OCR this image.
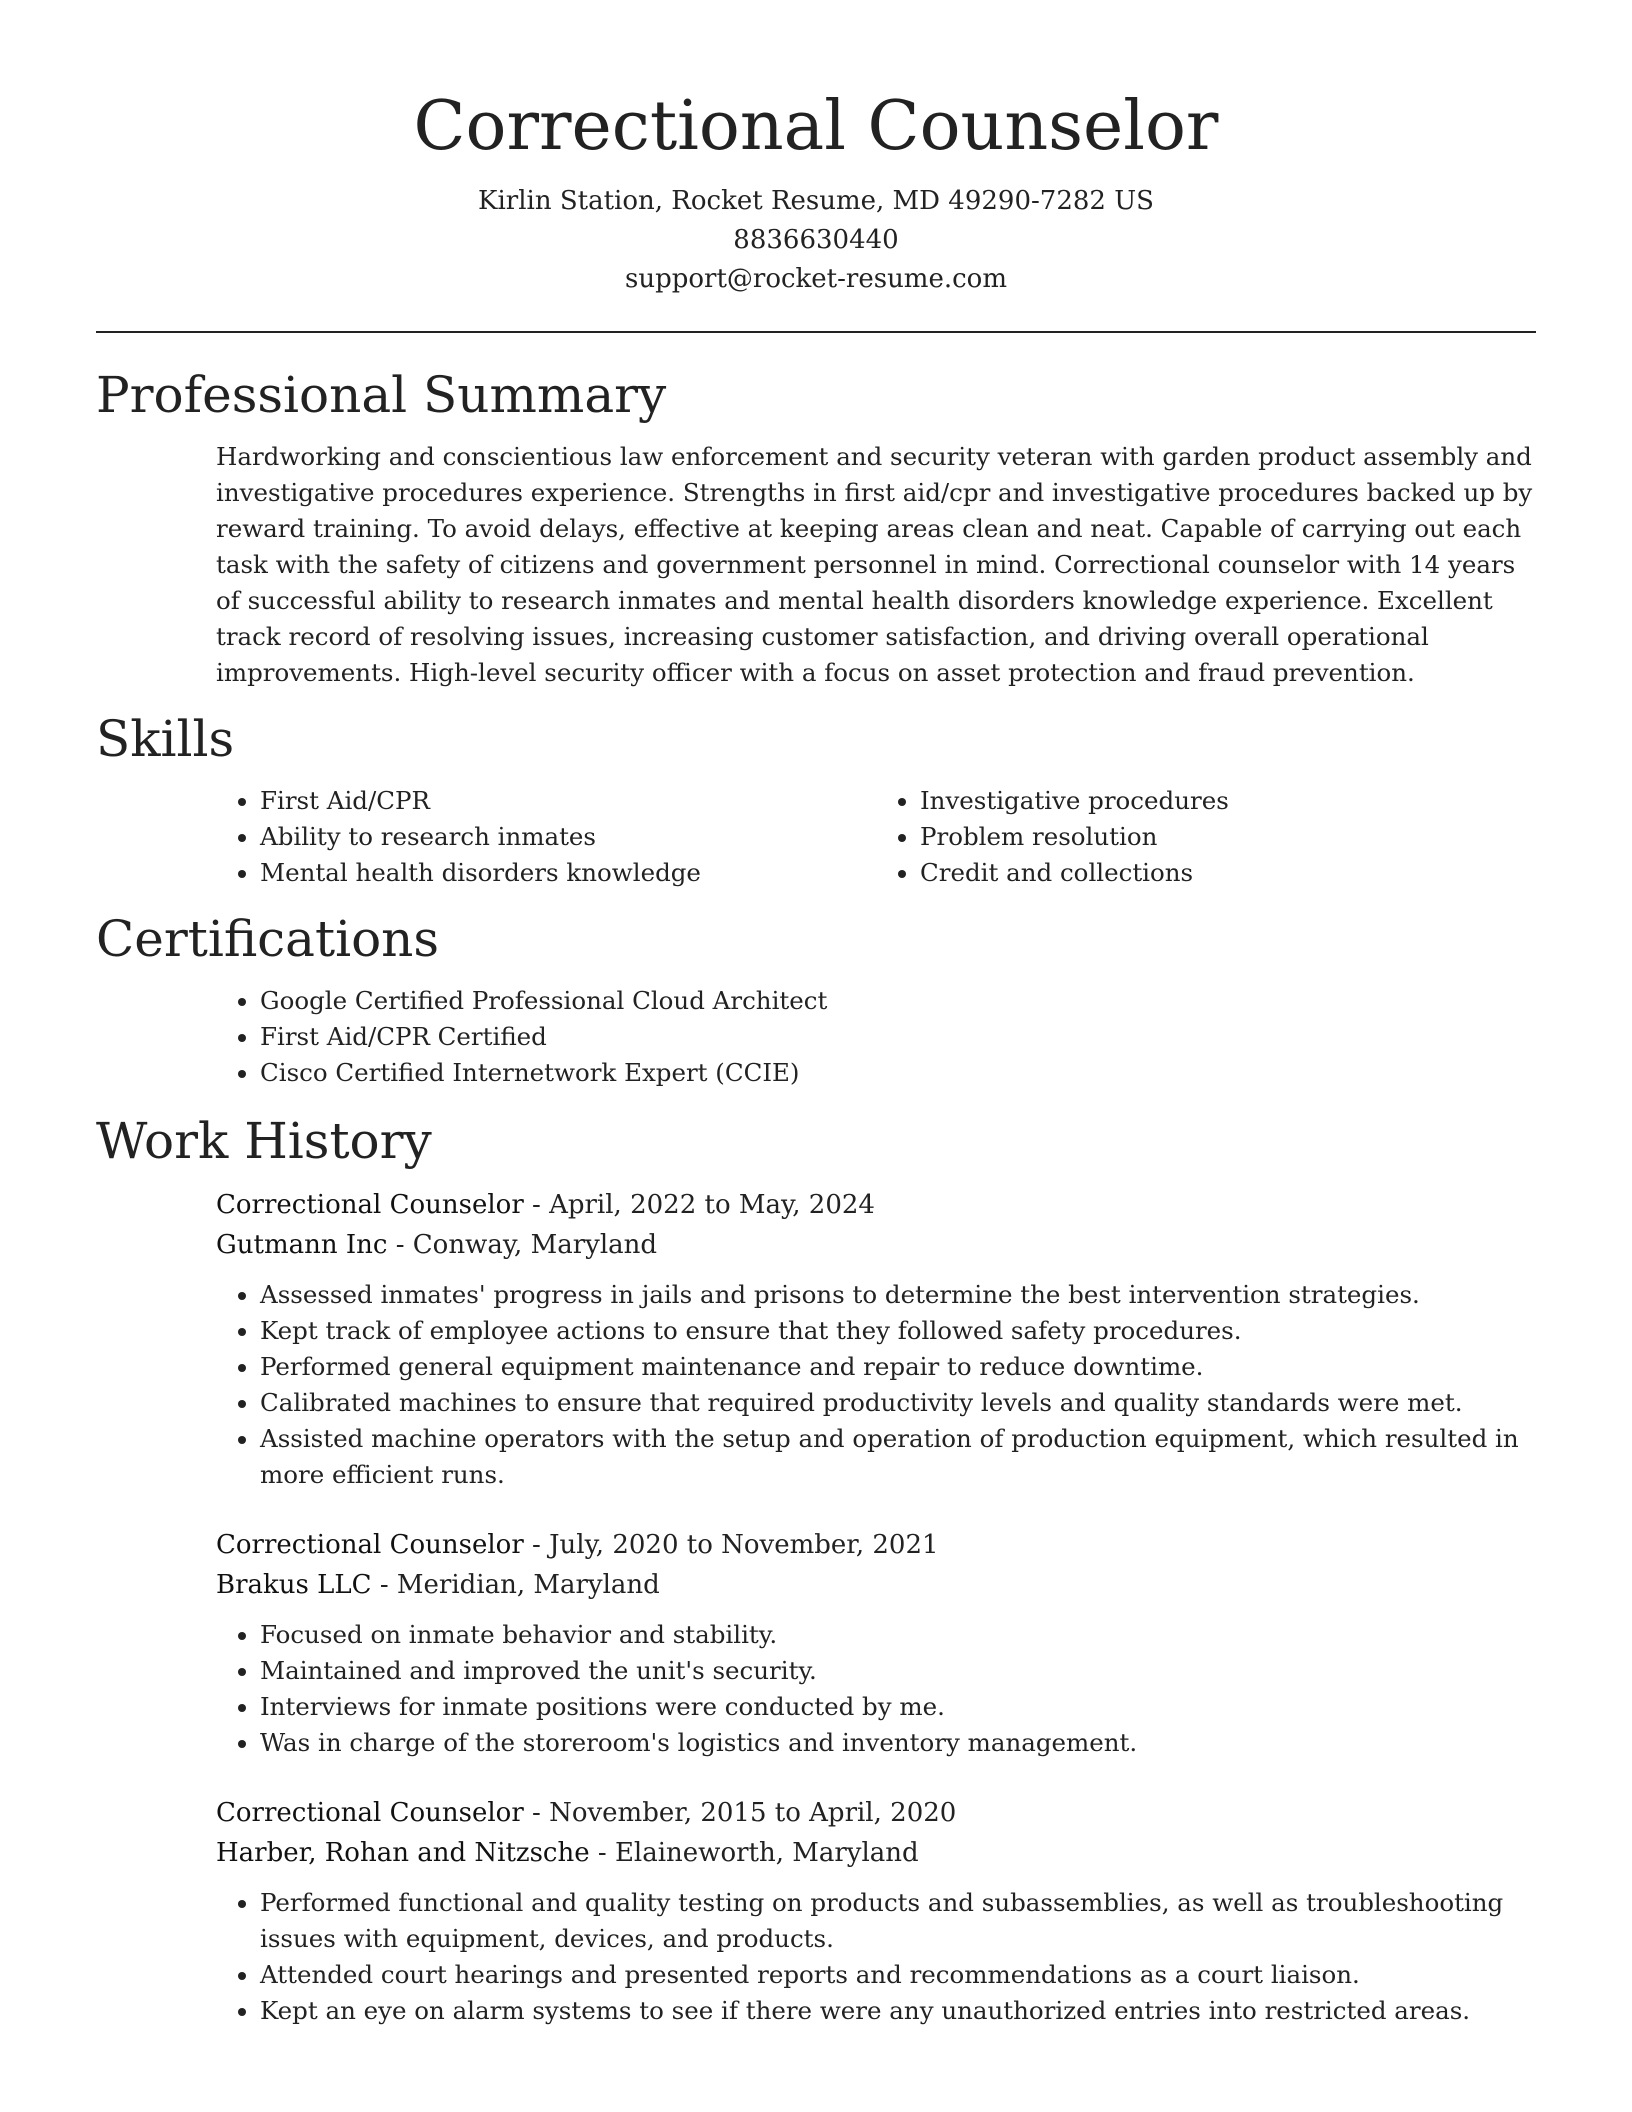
Correctional Counselor
Kirlin Station, Rocket Resume, MD 49290-7282 US
8836630440
support@rocket-resume.com
Professional Summary
Hardworking and conscientious law enforcement and security veteran with garden product assembly and investigative procedures experience. Strengths in first aid/cpr and investigative procedures backed up by reward training. To avoid delays, effective at keeping areas clean and neat. Capable of carrying out each task with the safety of citizens and government personnel in mind. Correctional counselor with 14 years of successful ability to research inmates and mental health disorders knowledge experience. Excellent track record of resolving issues, increasing customer satisfaction, and driving overall operational improvements. High-level security officer with a focus on asset protection and fraud prevention.
Skills
• First Aid/CPR
• Ability to research inmates
• Mental health disorders knowledge
• Investigative procedures
• Problem resolution
• Credit and collections
Certifications
• Google Certified Professional Cloud Architect
• First Aid/CPR Certified
• Cisco Certified Internetwork Expert (CCIE)
Work History
Correctional Counselor - April, 2022 to May, 2024
Gutmann Inc - Conway, Maryland
• Assessed inmates' progress in jails and prisons to determine the best intervention strategies.
• Kept track of employee actions to ensure that they followed safety procedures.
• Performed general equipment maintenance and repair to reduce downtime.
• Calibrated machines to ensure that required productivity levels and quality standards were met.
• Assisted machine operators with the setup and operation of production equipment, which resulted in more efficient runs.
Correctional Counselor - July, 2020 to November, 2021
Brakus LLC - Meridian, Maryland
• Focused on inmate behavior and stability.
• Maintained and improved the unit's security.
• Interviews for inmate positions were conducted by me.
• Was in charge of the storeroom's logistics and inventory management.
Correctional Counselor - November, 2015 to April, 2020
Harber, Rohan and Nitzsche - Elaineworth, Maryland
• Performed functional and quality testing on products and subassemblies, as well as troubleshooting issues with equipment, devices, and products.
• Attended court hearings and presented reports and recommendations as a court liaison.
• Kept an eye on alarm systems to see if there were any unauthorized entries into restricted areas.
